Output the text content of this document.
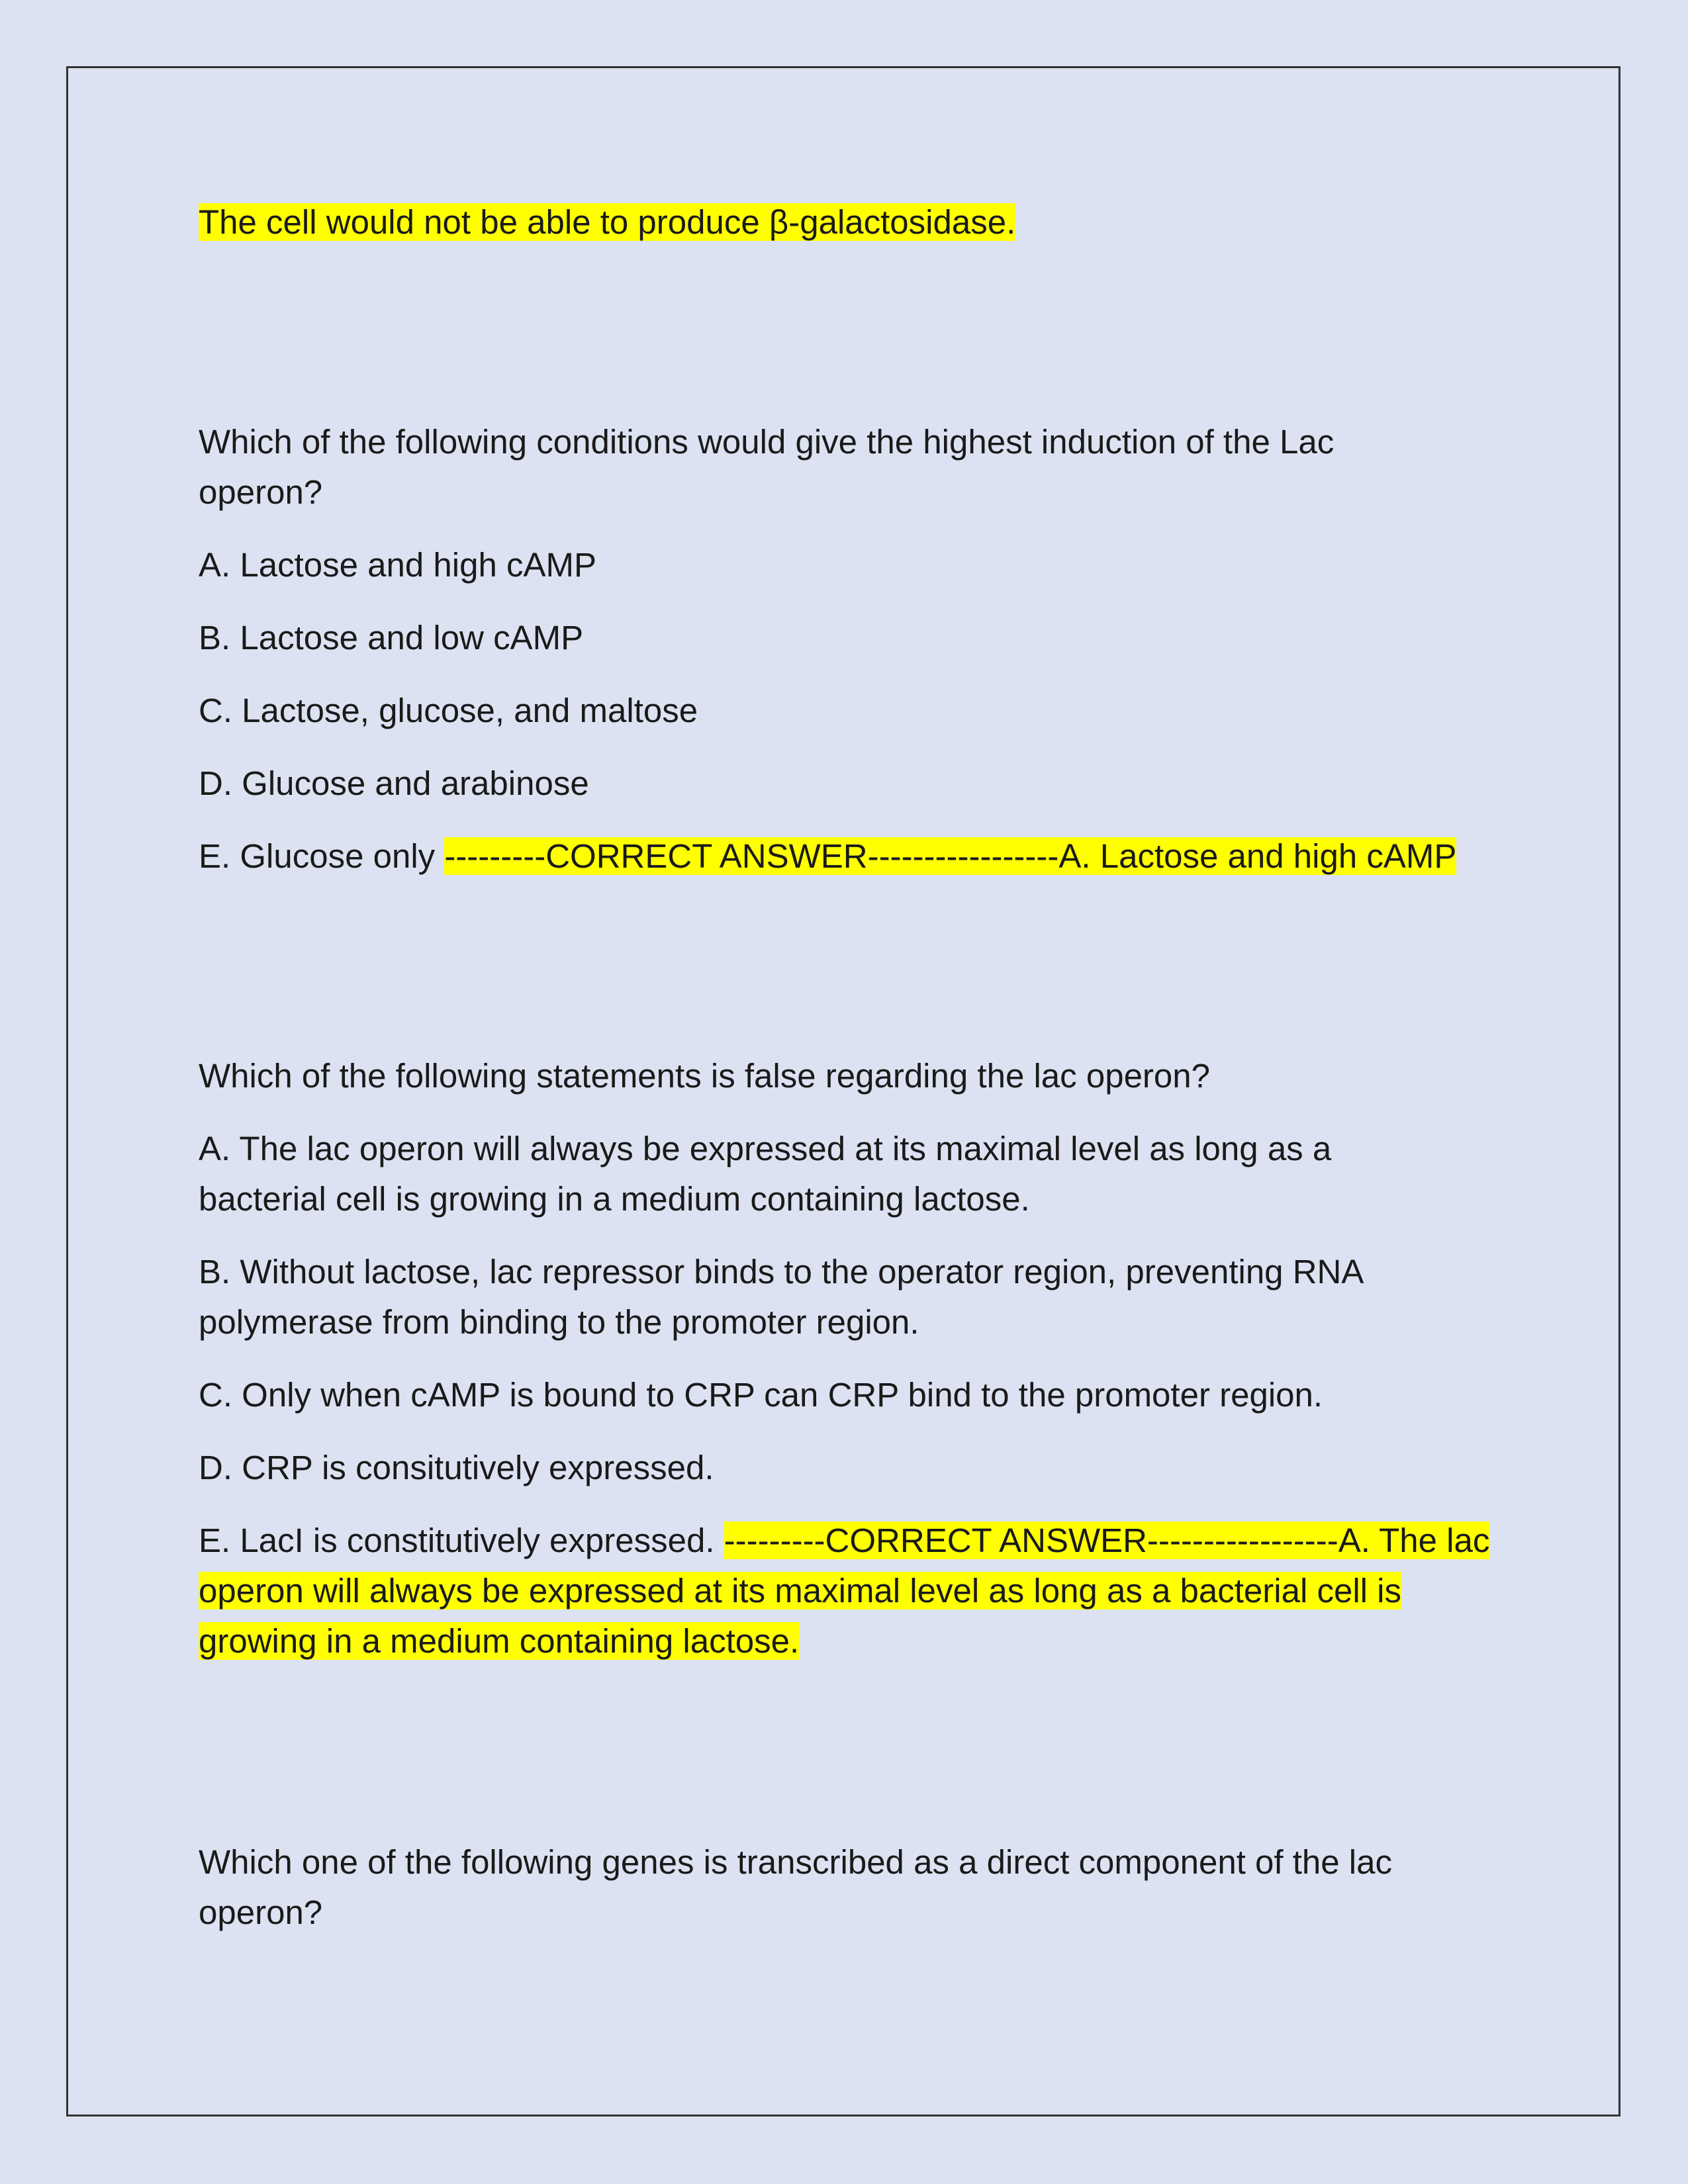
The cell would not be able to produce β-galactosidase.

Which of the following conditions would give the highest induction of the Lac

operon?

A. Lactose and high cAMP

B. Lactose and low cAMP

C. Lactose, glucose, and maltose

D. Glucose and arabinose

E. Glucose only ---------CORRECT ANSWER-----------------A. Lactose and high cAMP

Which of the following statements is false regarding the lac operon?

A. The lac operon will always be expressed at its maximal level as long as a

bacterial cell is growing in a medium containing lactose.

B. Without lactose, lac repressor binds to the operator region, preventing RNA

polymerase from binding to the promoter region.

C. Only when cAMP is bound to CRP can CRP bind to the promoter region.

D. CRP is consitutively expressed.

E. LacI is constitutively expressed. ---------CORRECT ANSWER-----------------A. The lac

operon will always be expressed at its maximal level as long as a bacterial cell is

growing in a medium containing lactose.

Which one of the following genes is transcribed as a direct component of the lac

operon?
